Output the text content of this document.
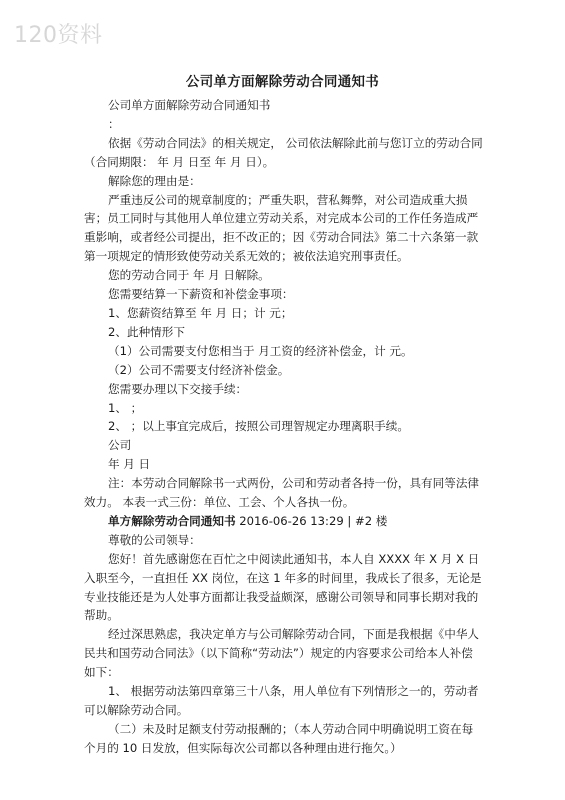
120资料
公司单方面解除劳动合同通知书

公司单方面解除劳动合同通知书

：

依据《劳动合同法》的相关规定， 公司依法解除此前与您订立的劳动合同（合同期限： 年 月 日至 年 月 日）。

解除您的理由是：

严重违反公司的规章制度的；严重失职，营私舞弊，对公司造成重大损害；员工同时与其他用人单位建立劳动关系，对完成本公司的工作任务造成严重影响，或者经公司提出，拒不改正的；因《劳动合同法》第二十六条第一款第一项规定的情形致使劳动关系无效的；被依法追究刑事责任。

您的劳动合同于 年 月 日解除。

您需要结算一下薪资和补偿金事项：

1、您薪资结算至 年 月 日；计 元；

2、此种情形下

（1）公司需要支付您相当于 月工资的经济补偿金，计 元。

（2）公司不需要支付经济补偿金。

您需要办理以下交接手续：

1、 ；

2、 ；以上事宜完成后，按照公司理智规定办理离职手续。

公司

年 月 日

注：本劳动合同解除书一式两份，公司和劳动者各持一份，具有同等法律效力。 本表一式三份：单位、工会、个人各执一份。

单方解除劳动合同通知书 2016-06-26 13:29 | #2 楼

尊敬的公司领导：

您好！首先感谢您在百忙之中阅读此通知书，本人自 XXXX 年 X 月 X 日入职至今，一直担任 XX 岗位，在这 1 年多的时间里，我成长了很多，无论是专业技能还是为人处事方面都让我受益颇深，感谢公司领导和同事长期对我的帮助。

经过深思熟虑，我决定单方与公司解除劳动合同，下面是我根据《中华人民共和国劳动合同法》（以下简称“劳动法”）规定的内容要求公司给本人补偿如下：

1、 根据劳动法第四章第三十八条，用人单位有下列情形之一的，劳动者可以解除劳动合同。

（二）未及时足额支付劳动报酬的；（本人劳动合同中明确说明工资在每个月的 10 日发放，但实际每次公司都以各种理由进行拖欠。）
